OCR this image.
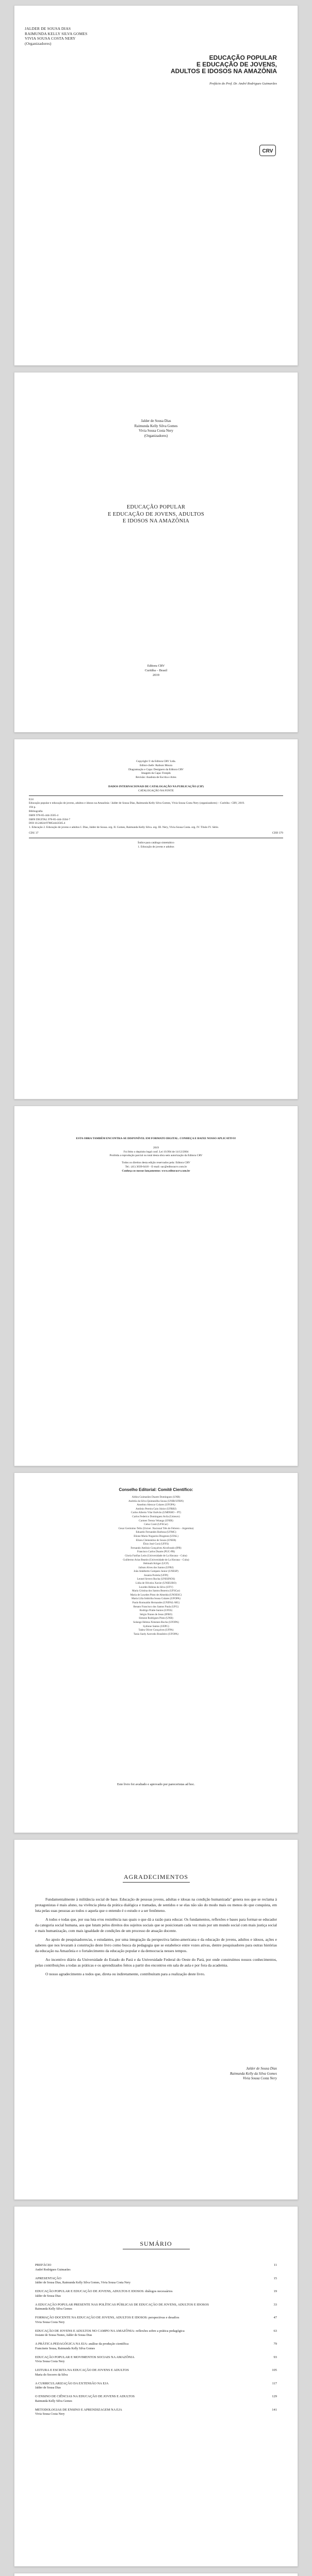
JALDER DE SOUSA DIAS
RAIMUNDA KELLY SILVA GOMES
VIVIA SOUSA COSTA NERY
(Organizadores)
EDUCAÇÃO POPULAR
E EDUCAÇÃO DE JOVENS,
ADULTOS E IDOSOS NA AMAZÔNIA
Prefácio do Prof. Dr. André Rodrigues Guimarães
CRV

Jalder de Sousa Dias

Raimunda Kelly Silva Gomes

Vivia Sousa Costa Nery

(Organizadores)

EDUCAÇÃO POPULAR
E EDUCAÇÃO DE JOVENS, ADULTOS
E IDOSOS NA AMAZÔNIA
Editora CRV
Curitiba – Brasil
2019

Copyright © da Editora CRV Ltda.

Editor-chefe: Railson Moura

Diagramação e Capa: Designers da Editora CRV

Imagem da Capa: Freepik

Revisão: Analista de Escrita e Artes

DADOS INTERNACIONAIS DE CATALOGAÇÃO NA PUBLICAÇÃO (CIP)

CATALOGAÇÃO NA FONTE

E24

Educação popular e educação de jovens, adultos e idosos na Amazônia / Jalder de Sousa Dias, Raimunda Kelly Silva Gomes, Vivia Sousa Costa Nery (organizadores) – Curitiba : CRV, 2019.

194 p.

Bibliografia

ISBN 978-85-444-3505-4

ISBN DIGITAL 978-85-444-3504-7

DOI 10.24824/978854443505.4

1. Educação 2. Educação de jovens e adultos I. Dias, Jalder de Sousa. org. II. Gomes, Raimunda Kelly Silva. org. III. Nery, Vivia Sousa Costa. org. IV. Título IV. Série.

CDU 37	CDD 379

Índice para catálogo sistemático

1. Educação de jovens e adultos

ESTA OBRA TAMBÉM ENCONTRA-SE DISPONÍVEL EM FORMATO DIGITAL. CONHEÇA E BAIXE NOSSO APLICATIVO!

2019

Foi feito o depósito legal conf. Lei 10.994 de 14/12/2004

Proibida a reprodução parcial ou total desta obra sem autorização da Editora CRV

Todos os direitos desta edição reservados pela: Editora CRV

Tel.: (41) 3039-6418 – E-mail: sac@editoracrv.com.br

Conheça os nossos lançamentos: www.editoracrv.com.br

Conselho Editorial: Comitê Científico:

Aldira Guimarães Duarte Domínguez (UNB)

Andréia da Silva Quintanilha Sousa (UNIR/UFRN)

Anselmo Alencar Colares (UFOPA)

Antônio Pereira Gaio Júnior (UFRRJ)

Carlos Alberto Vilar Estêvão (UMINHO – PT)

Carlos Federico Dominguez Avila (Unieuro)

Carmen Tereza Velanga (UNIR)

Celso Conti (UFSCar)

Cesar Gerónimo Tello (Univer .Nacional Três de Febrero – Argentina)

Eduardo Fernandes Barbosa (UFMG)

Elione Maria Nogueira Diogenes (UFAL)

Elizeu Clementino de Souza (UNEB)

Élsio José Corá (UFFS)

Fernando Antônio Gonçalves Alcoforado (IPB)

Francisco Carlos Duarte (PUC-PR)

Gloria Fariñas León (Universidade de La Havana – Cuba)

Guillermo Arias Beatón (Universidade de La Havana – Cuba)

Helmuth Krüger (UCP)

Jailson Alves dos Santos (UFRJ)

João Adalberto Campato Junior (UNESP)

Josania Portela (UFPI)

Leonel Severo Rocha (UNISINOS)

Lídia de Oliveira Xavier (UNIEURO)

Lourdes Helena da Silva (UFV)

Maria Cristina dos Santos Bezerra (UFSCar)

Maria de Lourdes Pinto de Almeida (UNOESC)

Maria Lília Imbiriba Sousa Colares (UFOPA)

Paulo Romualdo Hernandes (UNIFAL-MG)

Renato Francisco dos Santos Paula (UFG)

Rodrigo Pratte-Santos (UFES)

Sérgio Nunes de Jesus (IFRO)

Simone Rodrigues Pinto (UNB)

Solange Helena Ximenes-Rocha (UFOPA)

Sydione Santos (UEPG)

Tadeu Oliver Gonçalves (UFPA)

Tania Suely Azevedo Brasileiro (UFOPA)

Este livro foi avaliado e aprovado por pareceristas ad hoc.
AGRADECIMENTOS

Fundamentalmente à militância social de base. Educação de pessoas jovens, adultas e idosas na condição humanizada" genera nos que se reclama à protagonistas é mais aluno, na vivência plena da prática dialógica e tramadas, de sentidos e se elas não são do modo mais ou menos do que conquista, em luta pelas suas pessoas ao todos o aquela que o entendo é o estudo e a ser fenômeno.

A todos e todas que, por sua luta e/ou resistência nas quais o que dá a razão para educar. Os fundamentos, reflexões e bases para formar-se educador da categoria social humana, aos que lutam pelos direitos dos sujeitos sociais que se posicionam cada vez mais por um mundo social com mais justiça social e mais humanização, com mais igualdade de condições de um processo de atuação docente.

Ao apoio de pesquisadores/as, e estudantes, por uma integração da perspectiva latino-americana e da educação de jovens, adultos e idosos, ações e saberes que nos levaram à construção deste livro como busca da pedagogia que se estabelece entre vozes ativas, dentre pesquisadores para outras histórias da educação na Amazônia e o fortalecimento da educação popular e da democracia nesses tempos.

Ao incentivo diário da Universidade do Estado do Pará e da Universidade Federal do Oeste do Pará, por onde construímos nossos conhecimentos, pelas contribuições a todas as práticas e os aprendizados feitos a partir dos encontros em sala de aula e por fora da academia.

O nosso agradecimento a todos que, direta ou indiretamente, contribuíram para a realização deste livro.

Jalder de Sousa Dias
Raimunda Kelly da Silva Gomes
Vivia Sousa Costa Nery
SUMÁRIO
PREFÁCIO	11
André Rodrigues Guimarães
APRESENTAÇÃO	15
Jalder de Sousa Dias, Raimunda Kelly Silva Gomes, Vivia Sousa Costa Nery
EDUCAÇÃO POPULAR E EDUCAÇÃO DE JOVENS, ADULTOS E IDOSOS: diálogos necessários	19
Jalder de Sousa Dias
A EDUCAÇÃO POPULAR PRESENTE NAS POLÍTICAS PÚBLICAS DE EDUCAÇÃO DE JOVENS, ADULTOS E IDOSOS	33
Raimunda Kelly Silva Gomes
FORMAÇÃO DOCENTE NA EDUCAÇÃO DE JOVENS, ADULTOS E IDOSOS: perspectivas e desafios	47
Vivia Sousa Costa Nery
EDUCAÇÃO DE JOVENS E ADULTOS NO CAMPO NA AMAZÔNIA: reflexões sobre a prática pedagógica	63
Josiane de Sousa Nunes, Jalder de Sousa Dias
A PRÁTICA PEDAGÓGICA NA EJA: análise da produção científica	79
Francinete Sousa, Raimunda Kelly Silva Gomes
EDUCAÇÃO POPULAR E MOVIMENTOS SOCIAIS NA AMAZÔNIA	93
Vivia Sousa Costa Nery
LEITURA E ESCRITA NA EDUCAÇÃO DE JOVENS E ADULTOS	105
Maria do Socorro da Silva
A CURRICULARIZAÇÃO DA EXTENSÃO NA EJA	117
Jalder de Sousa Dias
O ENSINO DE CIÊNCIAS NA EDUCAÇÃO DE JOVENS E ADULTOS	129
Raimunda Kelly Silva Gomes
METODOLOGIAS DE ENSINO E APRENDIZAGEM NA EJA	141
Vivia Sousa Costa Nery
